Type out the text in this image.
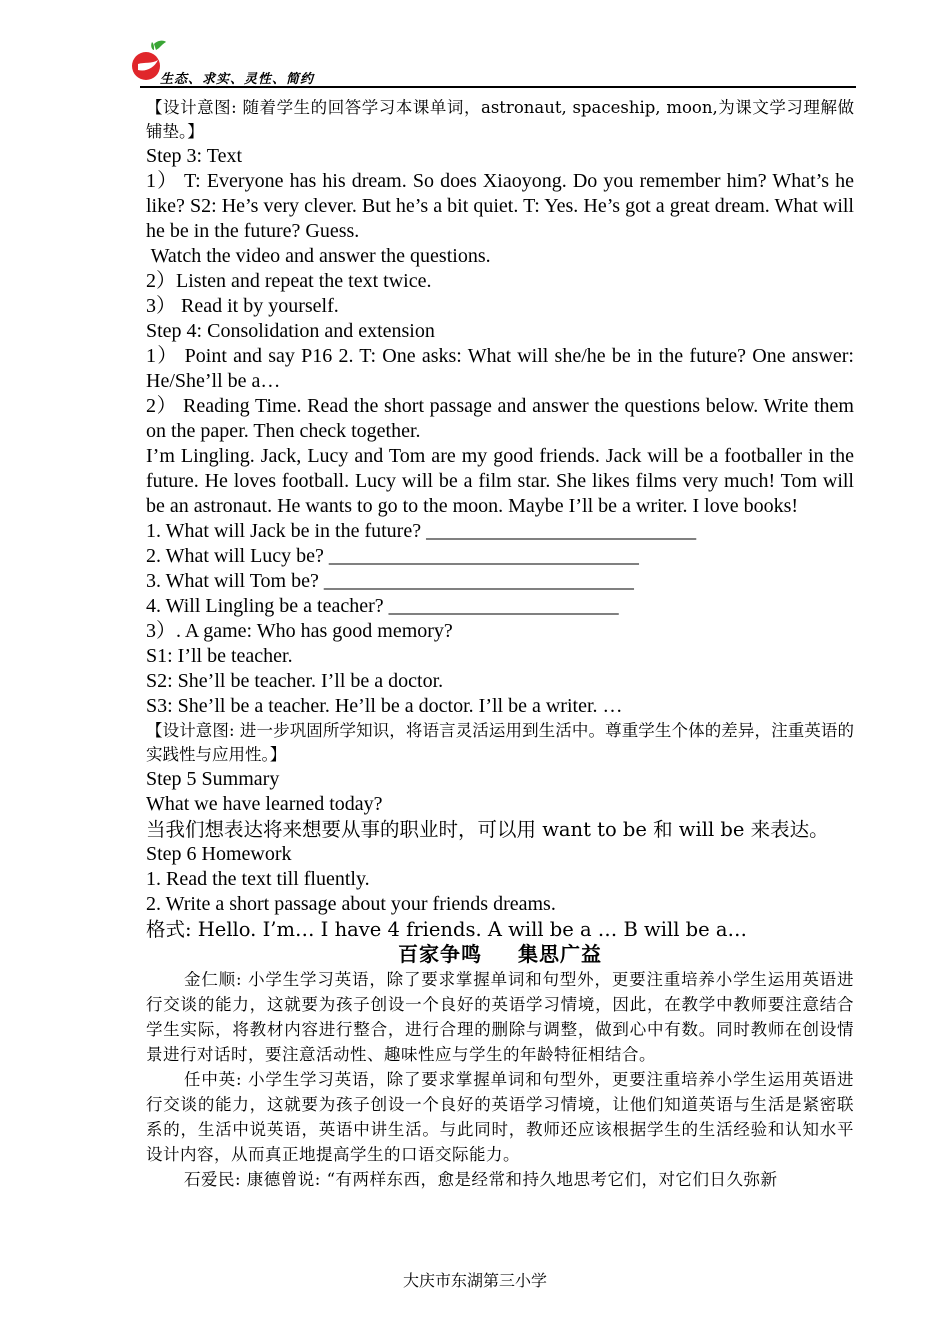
生态、求实、灵性、简约

【设计意图: 随着学生的回答学习本课单词，astronaut, spaceship, moon,为课文学习理解做铺垫。】

Step 3: Text

1） T: Everyone has his dream. So does Xiaoyong. Do you remember him? What’s he like? S2: He’s very clever. But he’s a bit quiet. T: Yes. He’s got a great dream. What will he be in the future? Guess.

Watch the video and answer the questions.

2）Listen and repeat the text twice.

3） Read it by yourself.

Step 4: Consolidation and extension

1） Point and say P16 2. T: One asks: What will she/he be in the future? One answer: He/She’ll be a…

2） Reading Time. Read the short passage and answer the questions below. Write them on the paper. Then check together.

I’m Lingling. Jack, Lucy and Tom are my good friends. Jack will be a footballer in the future. He loves football. Lucy will be a film star. She likes films very much! Tom will be an astronaut. He wants to go to the moon. Maybe I’ll be a writer. I love books!

1. What will Jack be in the future? ___________________________

2. What will Lucy be? _______________________________

3. What will Tom be? _______________________________

4. Will Lingling be a teacher? _______________________

3）. A game: Who has good memory?

S1: I’ll be teacher.

S2: She’ll be teacher. I’ll be a doctor.

S3: She’ll be a teacher. He’ll be a doctor. I’ll be a writer. …

【设计意图: 进一步巩固所学知识，将语言灵活运用到生活中。尊重学生个体的差异，注重英语的实践性与应用性。】

Step 5 Summary

What we have learned today?

当我们想表达将来想要从事的职业时，可以用 want to be 和 will be 来表达。

Step 6 Homework

1. Read the text till fluently.

2. Write a short passage about your friends dreams.

格式: Hello. I’m… I have 4 friends. A will be a … B will be a…

百家争鸣 集思广益

金仁顺: 小学生学习英语，除了要求掌握单词和句型外，更要注重培养小学生运用英语进行交谈的能力，这就要为孩子创设一个良好的英语学习情境，因此，在教学中教师要注意结合学生实际，将教材内容进行整合，进行合理的删除与调整，做到心中有数。同时教师在创设情景进行对话时，要注意活动性、趣味性应与学生的年龄特征相结合。

任中英: 小学生学习英语，除了要求掌握单词和句型外，更要注重培养小学生运用英语进行交谈的能力，这就要为孩子创设一个良好的英语学习情境，让他们知道英语与生活是紧密联系的，生活中说英语，英语中讲生活。与此同时，教师还应该根据学生的生活经验和认知水平设计内容，从而真正地提高学生的口语交际能力。

石爱民: 康德曾说: “有两样东西，愈是经常和持久地思考它们，对它们日久弥新

大庆市东湖第三小学
